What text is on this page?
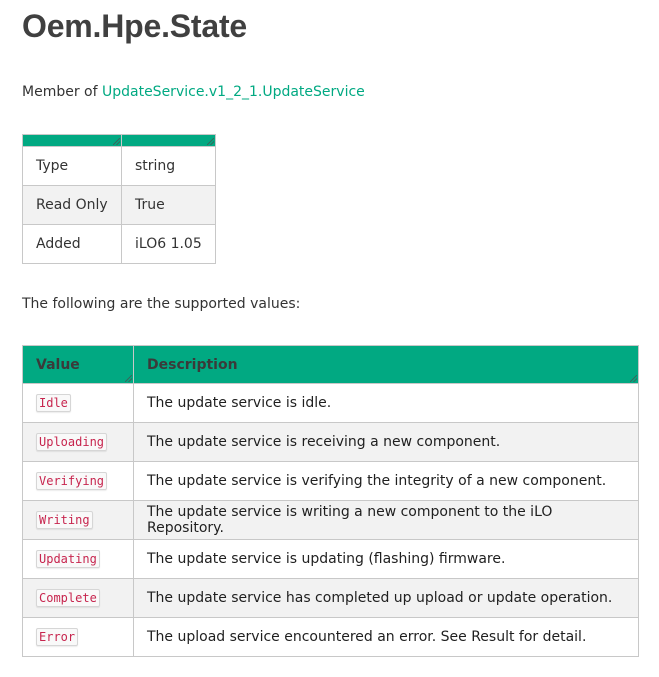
Oem.Hpe.State
Member of UpdateService.v1_2_1.UpdateService

Type	string
Read Only	True
Added	iLO6 1.05
The following are the supported values:
Value	Description

Idle	The update service is idle.
Uploading	The update service is receiving a new component.
Verifying	The update service is verifying the integrity of a new component.
Writing	The update service is writing a new component to the iLO Repository.
Updating	The update service is updating (flashing) firmware.
Complete	The update service has completed up upload or update operation.
Error	The upload service encountered an error. See Result for detail.
